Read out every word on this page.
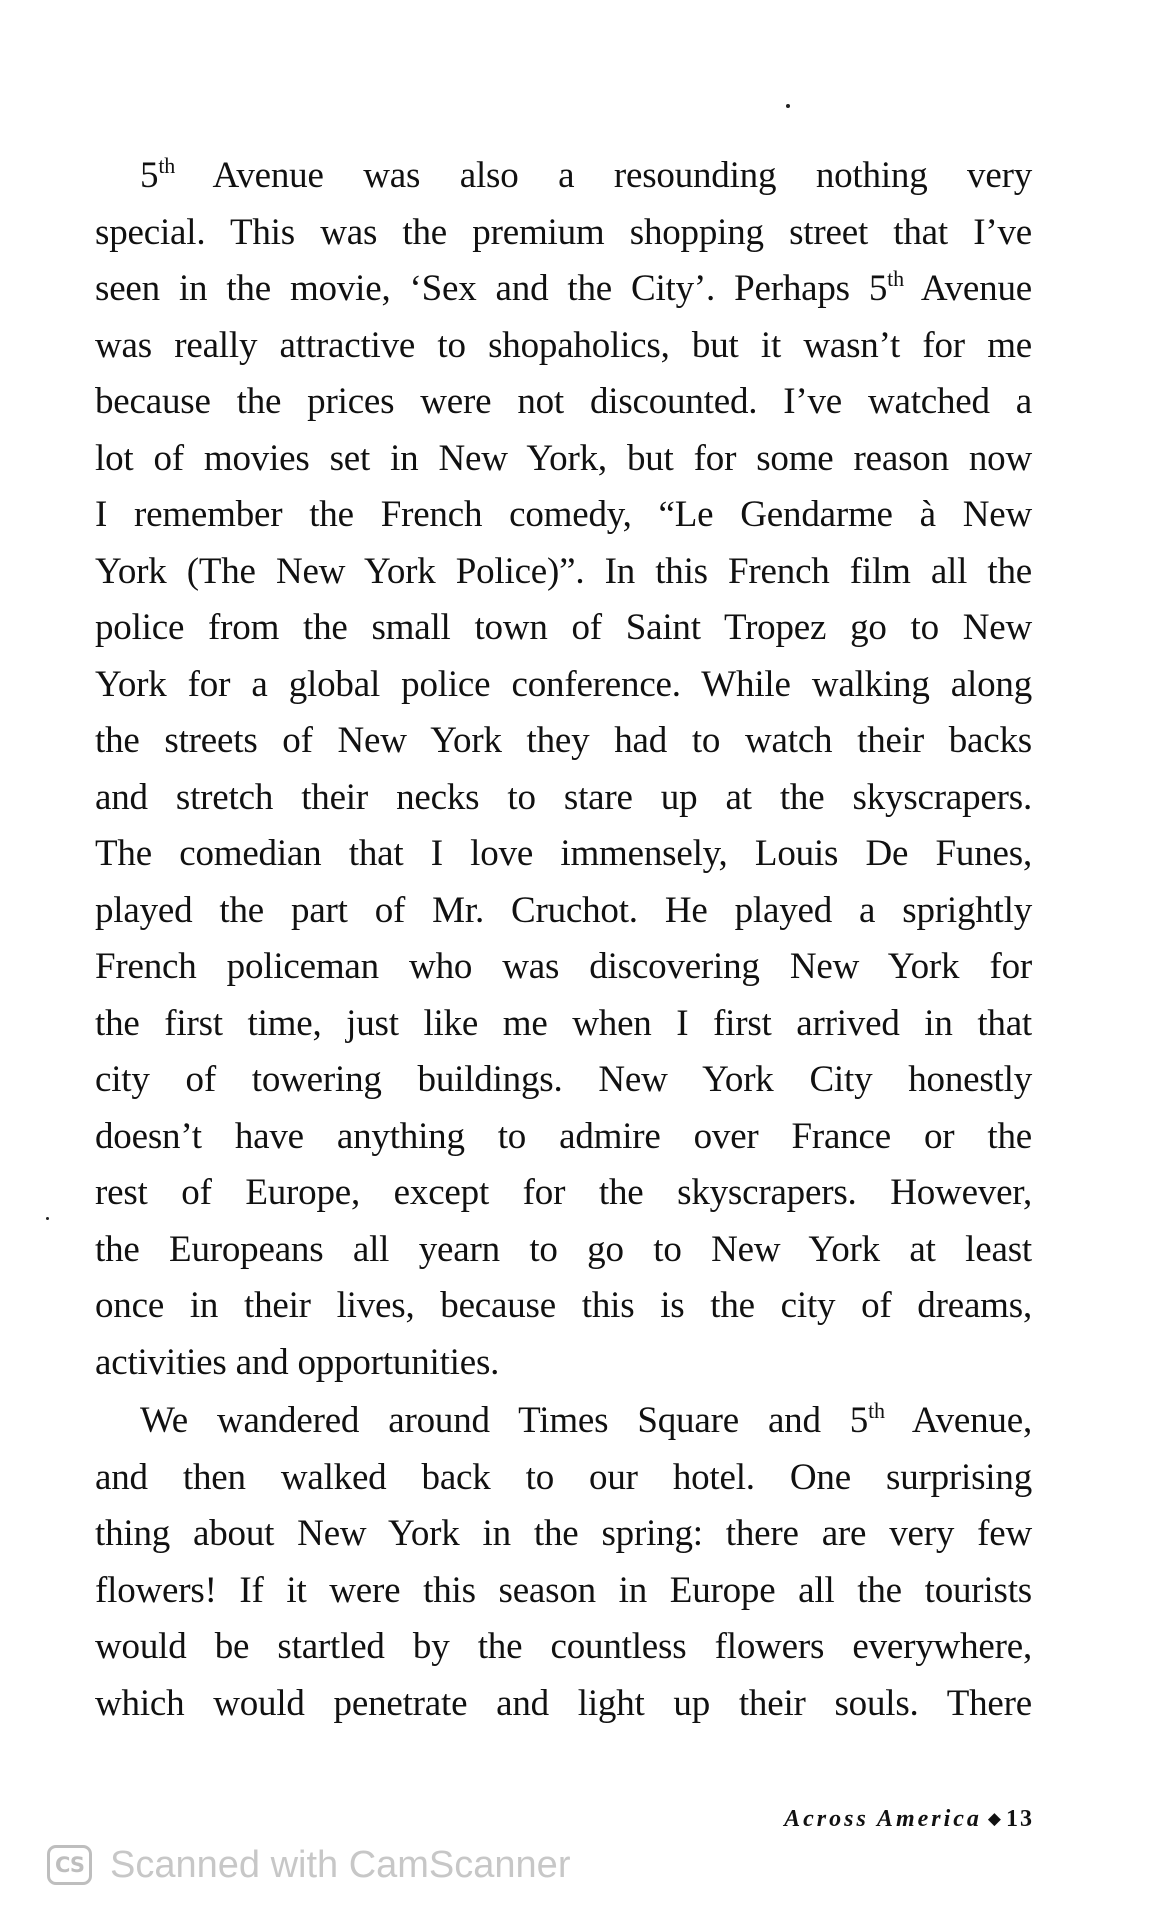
5th Avenue was also a resounding nothing very
special. This was the premium shopping street that I’ve
seen in the movie, ‘Sex and the City’. Perhaps 5th Avenue
was really attractive to shopaholics, but it wasn’t for me
because the prices were not discounted. I’ve watched a
lot of movies set in New York, but for some reason now
I remember the French comedy, “Le Gendarme à New
York (The New York Police)”. In this French film all the
police from the small town of Saint Tropez go to New
York for a global police conference. While walking along
the streets of New York they had to watch their backs
and stretch their necks to stare up at the skyscrapers.
The comedian that I love immensely, Louis De Funes,
played the part of Mr. Cruchot. He played a sprightly
French policeman who was discovering New York for
the first time, just like me when I first arrived in that
city of towering buildings. New York City honestly
doesn’t have anything to admire over France or the
rest of Europe, except for the skyscrapers. However,
the Europeans all yearn to go to New York at least
once in their lives, because this is the city of dreams,
activities and opportunities.
We wandered around Times Square and 5th Avenue,
and then walked back to our hotel. One surprising
thing about New York in the spring: there are very few
flowers! If it were this season in Europe all the tourists
would be startled by the countless flowers everywhere,
which would penetrate and light up their souls. There
Across America ◆ 13
CS Scanned with CamScanner
